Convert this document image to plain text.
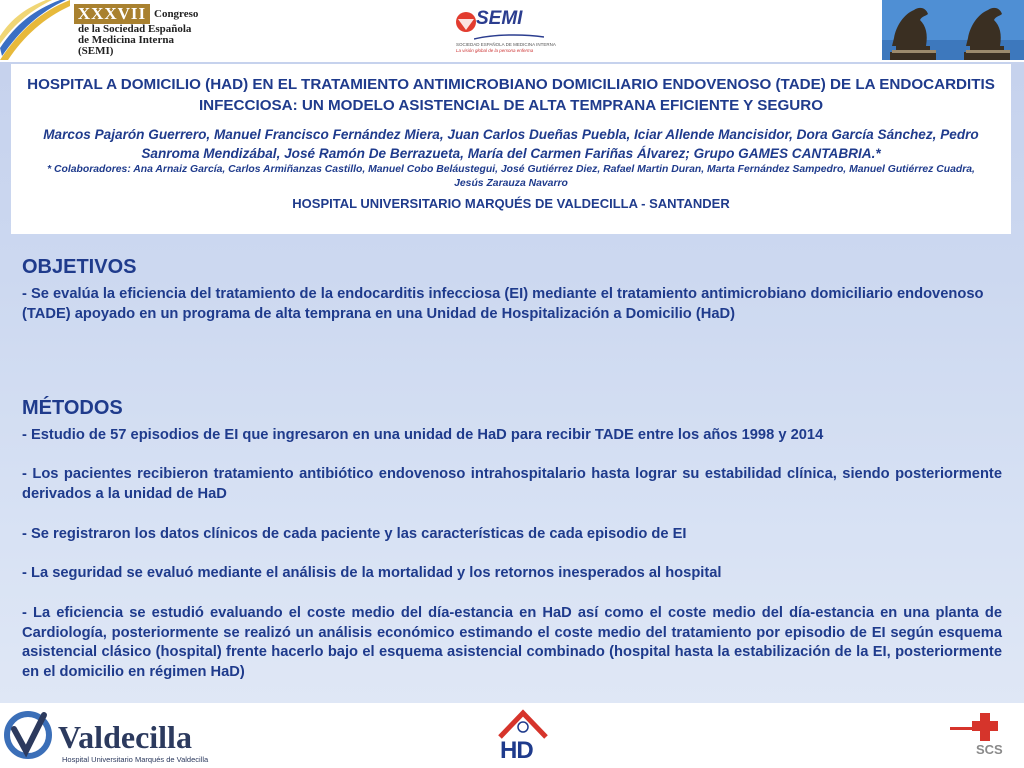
XXXVII Congreso
de la Sociedad Española
de Medicina Interna
(SEMI)
SEMI
SOCIEDAD ESPAÑOLA DE MEDICINA INTERNA
La visión global de la persona enferma
HOSPITAL A DOMICILIO (HAD) EN EL TRATAMIENTO ANTIMICROBIANO DOMICILIARIO ENDOVENOSO (TADE) DE LA ENDOCARDITIS INFECCIOSA: UN MODELO ASISTENCIAL DE ALTA TEMPRANA EFICIENTE Y SEGURO
Marcos Pajarón Guerrero, Manuel Francisco Fernández Miera, Juan Carlos Dueñas Puebla, Iciar Allende Mancisidor, Dora García Sánchez, Pedro Sanroma Mendizábal, José Ramón De Berrazueta, María del Carmen Fariñas Álvarez; Grupo GAMES CANTABRIA.*
* Colaboradores: Ana Arnaiz García, Carlos Armiñanzas Castillo, Manuel Cobo Beláustegui, José Gutiérrez Diez, Rafael Martin Duran, Marta Fernández Sampedro, Manuel Gutiérrez Cuadra, Jesús Zarauza Navarro
HOSPITAL UNIVERSITARIO MARQUÉS DE VALDECILLA - SANTANDER
OBJETIVOS
- Se evalúa la eficiencia del tratamiento de la endocarditis infecciosa (EI) mediante el tratamiento antimicrobiano domiciliario endovenoso (TADE) apoyado en un programa de alta temprana en una Unidad de Hospitalización a Domicilio (HaD)
MÉTODOS
- Estudio de 57 episodios de EI que ingresaron en una unidad de HaD para recibir TADE entre los años 1998 y 2014
- Los pacientes recibieron tratamiento antibiótico endovenoso intrahospitalario hasta lograr su estabilidad clínica, siendo posteriormente derivados a la unidad de HaD
- Se registraron los datos clínicos de cada paciente y las características de cada episodio de EI
- La seguridad se evaluó mediante el análisis de la mortalidad y los retornos inesperados al hospital
- La eficiencia se estudió evaluando el coste medio del día-estancia en HaD así como el coste medio del día-estancia en una planta de Cardiología, posteriormente se realizó un análisis económico estimando el coste medio del tratamiento por episodio de EI según esquema asistencial clásico (hospital) frente hacerlo bajo el esquema asistencial combinado (hospital hasta la estabilización de la EI, posteriormente en el domicilio en régimen HaD)
Valdecilla
Hospital Universitario Marqués de Valdecilla	HD	SCS
